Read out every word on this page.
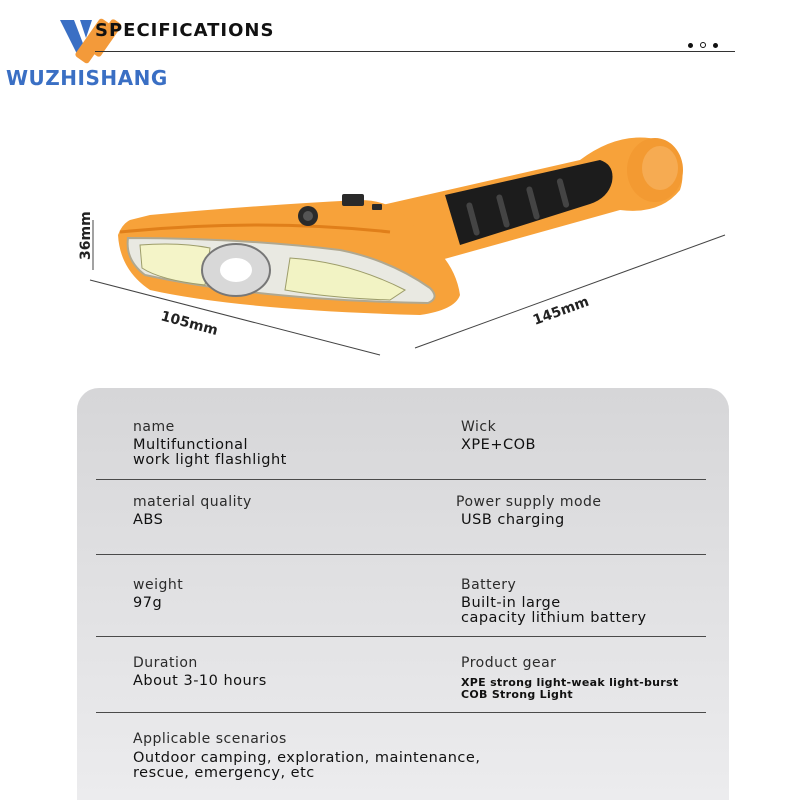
WUZHISHANG
SPECIFICATIONS
36mm
105mm	145mm
name
Multifunctional
work light flashlight
Wick
XPE+COB
material quality
ABS
Power supply mode
USB charging
weight
97g
Battery
Built-in large
capacity lithium battery
Duration
About 3-10 hours
Product gear
XPE strong light-weak light-burst
COB Strong Light
Applicable scenarios
Outdoor camping, exploration, maintenance,
rescue, emergency, etc
